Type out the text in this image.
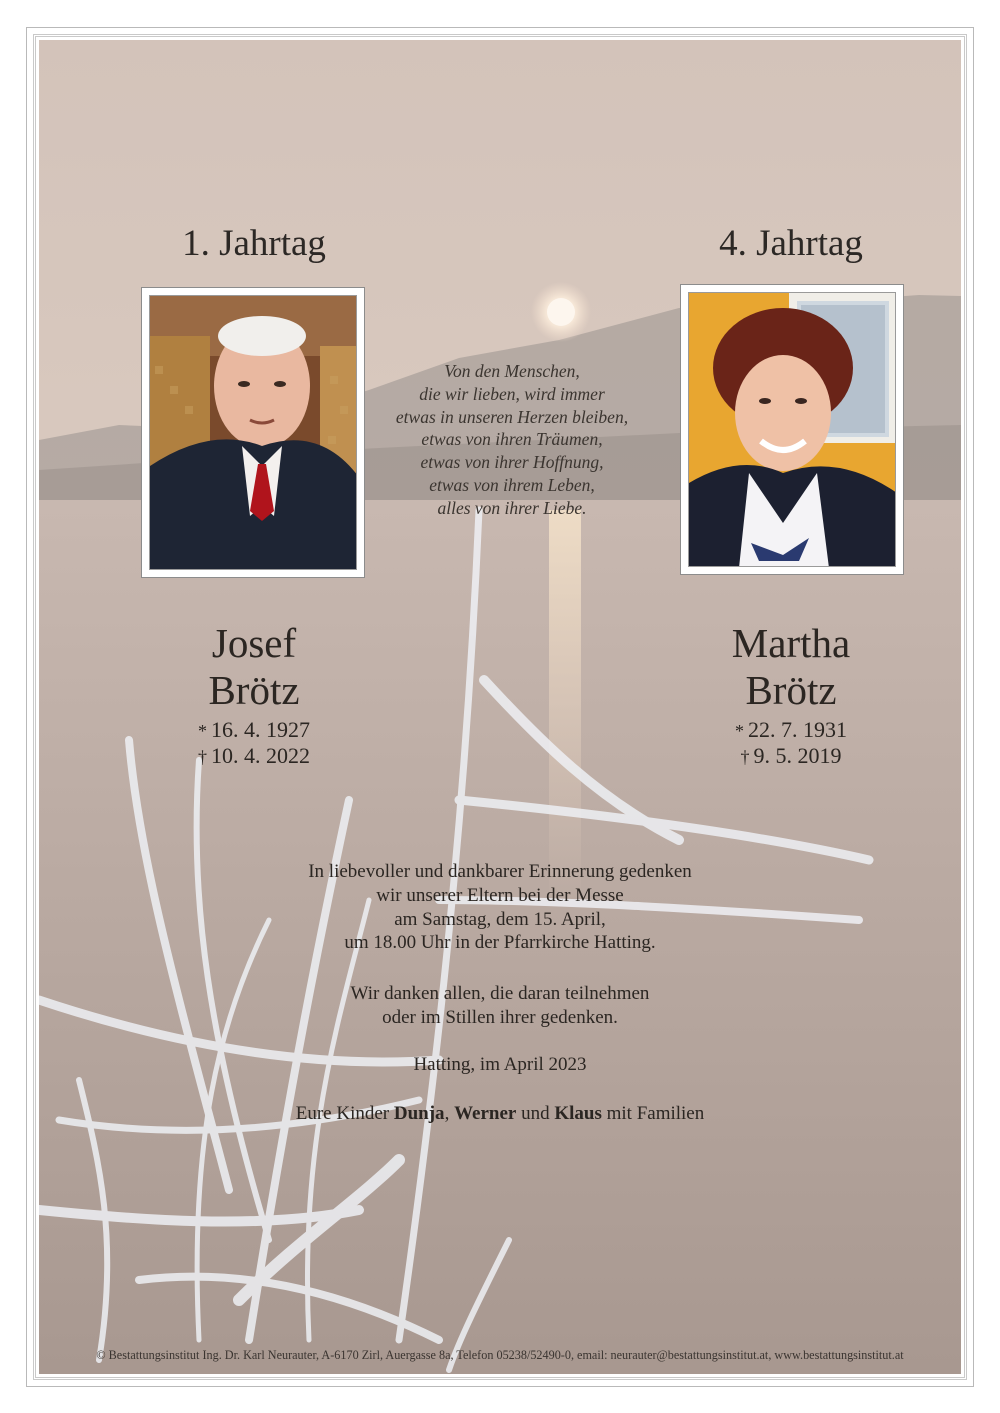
1. Jahrtag	4. Jahrtag
Von den Menschen,
die wir lieben, wird immer
etwas in unseren Herzen bleiben,
etwas von ihren Träumen,
etwas von ihrer Hoffnung,
etwas von ihrem Leben,
alles von ihrer Liebe.
Josef
Brötz
* 16. 4. 1927
† 10. 4. 2022
Martha
Brötz
* 22. 7. 1931
† 9. 5. 2019
In liebevoller und dankbarer Erinnerung gedenken
wir unserer Eltern bei der Messe
am Samstag, dem 15. April,
um 18.00 Uhr in der Pfarrkirche Hatting.
Wir danken allen, die daran teilnehmen
oder im Stillen ihrer gedenken.
Hatting, im April 2023
Eure Kinder Dunja, Werner und Klaus mit Familien
© Bestattungsinstitut Ing. Dr. Karl Neurauter, A-6170 Zirl, Auergasse 8a, Telefon 05238/52490-0, email: neurauter@bestattungsinstitut.at, www.bestattungsinstitut.at
